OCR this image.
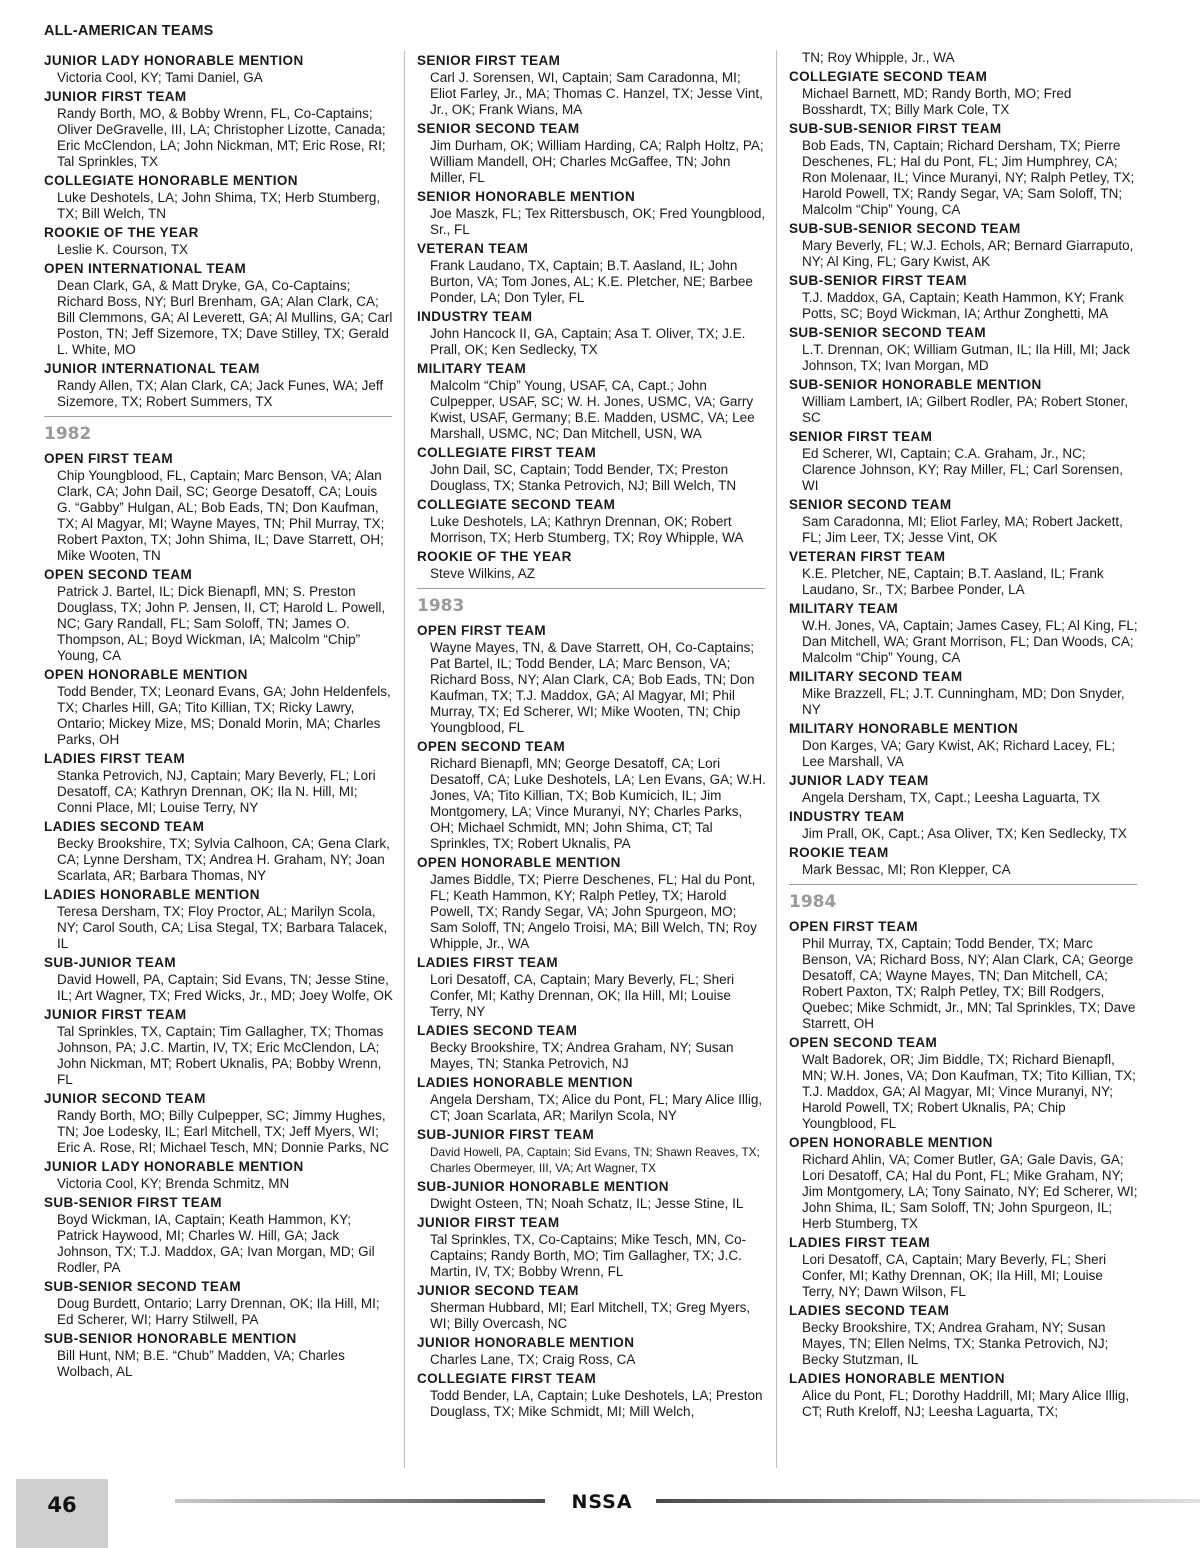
ALL-AMERICAN TEAMS
JUNIOR LADY HONORABLE MENTION
Victoria Cool, KY; Tami Daniel, GA
JUNIOR FIRST TEAM
Randy Borth, MO, & Bobby Wrenn, FL, Co-Captains; Oliver DeGravelle, III, LA; Christopher Lizotte, Canada; Eric McClendon, LA; John Nickman, MT; Eric Rose, RI; Tal Sprinkles, TX
COLLEGIATE HONORABLE MENTION
Luke Deshotels, LA; John Shima, TX; Herb Stumberg, TX; Bill Welch, TN
ROOKIE OF THE YEAR
Leslie K. Courson, TX
OPEN INTERNATIONAL TEAM
Dean Clark, GA, & Matt Dryke, GA, Co-Captains; Richard Boss, NY; Burl Brenham, GA; Alan Clark, CA; Bill Clemmons, GA; Al Leverett, GA; Al Mullins, GA; Carl Poston, TN; Jeff Sizemore, TX; Dave Stilley, TX; Gerald L. White, MO
JUNIOR INTERNATIONAL TEAM
Randy Allen, TX; Alan Clark, CA; Jack Funes, WA; Jeff Sizemore, TX; Robert Summers, TX
1982
OPEN FIRST TEAM
Chip Youngblood, FL, Captain; Marc Benson, VA; Alan Clark, CA; John Dail, SC; George Desatoff, CA; Louis G. “Gabby” Hulgan, AL; Bob Eads, TN; Don Kaufman, TX; Al Magyar, MI; Wayne Mayes, TN; Phil Murray, TX; Robert Paxton, TX; John Shima, IL; Dave Starrett, OH; Mike Wooten, TN
OPEN SECOND TEAM
Patrick J. Bartel, IL; Dick Bienapfl, MN; S. Preston Douglass, TX; John P. Jensen, II, CT; Harold L. Powell, NC; Gary Randall, FL; Sam Soloff, TN; James O. Thompson, AL; Boyd Wickman, IA; Malcolm “Chip” Young, CA
OPEN HONORABLE MENTION
Todd Bender, TX; Leonard Evans, GA; John Heldenfels, TX; Charles Hill, GA; Tito Killian, TX; Ricky Lawry, Ontario; Mickey Mize, MS; Donald Morin, MA; Charles Parks, OH
LADIES FIRST TEAM
Stanka Petrovich, NJ, Captain; Mary Beverly, FL; Lori Desatoff, CA; Kathryn Drennan, OK; Ila N. Hill, MI; Conni Place, MI; Louise Terry, NY
LADIES SECOND TEAM
Becky Brookshire, TX; Sylvia Calhoon, CA; Gena Clark, CA; Lynne Dersham, TX; Andrea H. Graham, NY; Joan Scarlata, AR; Barbara Thomas, NY
LADIES HONORABLE MENTION
Teresa Dersham, TX; Floy Proctor, AL; Marilyn Scola, NY; Carol South, CA; Lisa Stegal, TX; Barbara Talacek, IL
SUB-JUNIOR TEAM
David Howell, PA, Captain; Sid Evans, TN; Jesse Stine, IL; Art Wagner, TX; Fred Wicks, Jr., MD; Joey Wolfe, OK
JUNIOR FIRST TEAM
Tal Sprinkles, TX, Captain; Tim Gallagher, TX; Thomas Johnson, PA; J.C. Martin, IV, TX; Eric McClendon, LA; John Nickman, MT; Robert Uknalis, PA; Bobby Wrenn, FL
JUNIOR SECOND TEAM
Randy Borth, MO; Billy Culpepper, SC; Jimmy Hughes, TN; Joe Lodesky, IL; Earl Mitchell, TX; Jeff Myers, WI; Eric A. Rose, RI; Michael Tesch, MN; Donnie Parks, NC
JUNIOR LADY HONORABLE MENTION
Victoria Cool, KY; Brenda Schmitz, MN
SUB-SENIOR FIRST TEAM
Boyd Wickman, IA, Captain; Keath Hammon, KY; Patrick Haywood, MI; Charles W. Hill, GA; Jack Johnson, TX; T.J. Maddox, GA; Ivan Morgan, MD; Gil Rodler, PA
SUB-SENIOR SECOND TEAM
Doug Burdett, Ontario; Larry Drennan, OK; Ila Hill, MI; Ed Scherer, WI; Harry Stilwell, PA
SUB-SENIOR HONORABLE MENTION
Bill Hunt, NM; B.E. “Chub” Madden, VA; Charles Wolbach, AL
SENIOR FIRST TEAM
Carl J. Sorensen, WI, Captain; Sam Caradonna, MI; Eliot Farley, Jr., MA; Thomas C. Hanzel, TX; Jesse Vint, Jr., OK; Frank Wians, MA
SENIOR SECOND TEAM
Jim Durham, OK; William Harding, CA; Ralph Holtz, PA; William Mandell, OH; Charles McGaffee, TN; John Miller, FL
SENIOR HONORABLE MENTION
Joe Maszk, FL; Tex Rittersbusch, OK; Fred Youngblood, Sr., FL
VETERAN TEAM
Frank Laudano, TX, Captain; B.T. Aasland, IL; John Burton, VA; Tom Jones, AL; K.E. Pletcher, NE; Barbee Ponder, LA; Don Tyler, FL
INDUSTRY TEAM
John Hancock II, GA, Captain; Asa T. Oliver, TX; J.E. Prall, OK; Ken Sedlecky, TX
MILITARY TEAM
Malcolm “Chip” Young, USAF, CA, Capt.; John Culpepper, USAF, SC; W. H. Jones, USMC, VA; Garry Kwist, USAF, Germany; B.E. Madden, USMC, VA; Lee Marshall, USMC, NC; Dan Mitchell, USN, WA
COLLEGIATE FIRST TEAM
John Dail, SC, Captain; Todd Bender, TX; Preston Douglass, TX; Stanka Petrovich, NJ; Bill Welch, TN
COLLEGIATE SECOND TEAM
Luke Deshotels, LA; Kathryn Drennan, OK; Robert Morrison, TX; Herb Stumberg, TX; Roy Whipple, WA
ROOKIE OF THE YEAR
Steve Wilkins, AZ
1983
OPEN FIRST TEAM
Wayne Mayes, TN, & Dave Starrett, OH, Co-Captains; Pat Bartel, IL; Todd Bender, LA; Marc Benson, VA; Richard Boss, NY; Alan Clark, CA; Bob Eads, TN; Don Kaufman, TX; T.J. Maddox, GA; Al Magyar, MI; Phil Murray, TX; Ed Scherer, WI; Mike Wooten, TN; Chip Youngblood, FL
OPEN SECOND TEAM
Richard Bienapfl, MN; George Desatoff, CA; Lori Desatoff, CA; Luke Deshotels, LA; Len Evans, GA; W.H. Jones, VA; Tito Killian, TX; Bob Kumicich, IL; Jim Montgomery, LA; Vince Muranyi, NY; Charles Parks, OH; Michael Schmidt, MN; John Shima, CT; Tal Sprinkles, TX; Robert Uknalis, PA
OPEN HONORABLE MENTION
James Biddle, TX; Pierre Deschenes, FL; Hal du Pont, FL; Keath Hammon, KY; Ralph Petley, TX; Harold Powell, TX; Randy Segar, VA; John Spurgeon, MO; Sam Soloff, TN; Angelo Troisi, MA; Bill Welch, TN; Roy Whipple, Jr., WA
LADIES FIRST TEAM
Lori Desatoff, CA, Captain; Mary Beverly, FL; Sheri Confer, MI; Kathy Drennan, OK; Ila Hill, MI; Louise Terry, NY
LADIES SECOND TEAM
Becky Brookshire, TX; Andrea Graham, NY; Susan Mayes, TN; Stanka Petrovich, NJ
LADIES HONORABLE MENTION
Angela Dersham, TX; Alice du Pont, FL; Mary Alice Illig, CT; Joan Scarlata, AR; Marilyn Scola, NY
SUB-JUNIOR FIRST TEAM
David Howell, PA, Captain; Sid Evans, TN; Shawn Reaves, TX; Charles Obermeyer, III, VA; Art Wagner, TX
SUB-JUNIOR HONORABLE MENTION
Dwight Osteen, TN; Noah Schatz, IL; Jesse Stine, IL
JUNIOR FIRST TEAM
Tal Sprinkles, TX, Co-Captains; Mike Tesch, MN, Co-Captains; Randy Borth, MO; Tim Gallagher, TX; J.C. Martin, IV, TX; Bobby Wrenn, FL
JUNIOR SECOND TEAM
Sherman Hubbard, MI; Earl Mitchell, TX; Greg Myers, WI; Billy Overcash, NC
JUNIOR HONORABLE MENTION
Charles Lane, TX; Craig Ross, CA
COLLEGIATE FIRST TEAM
Todd Bender, LA, Captain; Luke Deshotels, LA; Preston Douglass, TX; Mike Schmidt, MI; Mill Welch,
TN; Roy Whipple, Jr., WA
COLLEGIATE SECOND TEAM
Michael Barnett, MD; Randy Borth, MO; Fred Bosshardt, TX; Billy Mark Cole, TX
SUB-SUB-SENIOR FIRST TEAM
Bob Eads, TN, Captain; Richard Dersham, TX; Pierre Deschenes, FL; Hal du Pont, FL; Jim Humphrey, CA; Ron Molenaar, IL; Vince Muranyi, NY; Ralph Petley, TX; Harold Powell, TX; Randy Segar, VA; Sam Soloff, TN; Malcolm “Chip” Young, CA
SUB-SUB-SENIOR SECOND TEAM
Mary Beverly, FL; W.J. Echols, AR; Bernard Giarraputo, NY; Al King, FL; Gary Kwist, AK
SUB-SENIOR FIRST TEAM
T.J. Maddox, GA, Captain; Keath Hammon, KY; Frank Potts, SC; Boyd Wickman, IA; Arthur Zonghetti, MA
SUB-SENIOR SECOND TEAM
L.T. Drennan, OK; William Gutman, IL; Ila Hill, MI; Jack Johnson, TX; Ivan Morgan, MD
SUB-SENIOR HONORABLE MENTION
William Lambert, IA; Gilbert Rodler, PA; Robert Stoner, SC
SENIOR FIRST TEAM
Ed Scherer, WI, Captain; C.A. Graham, Jr., NC; Clarence Johnson, KY; Ray Miller, FL; Carl Sorensen, WI
SENIOR SECOND TEAM
Sam Caradonna, MI; Eliot Farley, MA; Robert Jackett, FL; Jim Leer, TX; Jesse Vint, OK
VETERAN FIRST TEAM
K.E. Pletcher, NE, Captain; B.T. Aasland, IL; Frank Laudano, Sr., TX; Barbee Ponder, LA
MILITARY TEAM
W.H. Jones, VA, Captain; James Casey, FL; Al King, FL; Dan Mitchell, WA; Grant Morrison, FL; Dan Woods, CA; Malcolm “Chip” Young, CA
MILITARY SECOND TEAM
Mike Brazzell, FL; J.T. Cunningham, MD; Don Snyder, NY
MILITARY HONORABLE MENTION
Don Karges, VA; Gary Kwist, AK; Richard Lacey, FL; Lee Marshall, VA
JUNIOR LADY TEAM
Angela Dersham, TX, Capt.; Leesha Laguarta, TX
INDUSTRY TEAM
Jim Prall, OK, Capt.; Asa Oliver, TX; Ken Sedlecky, TX
ROOKIE TEAM
Mark Bessac, MI; Ron Klepper, CA
1984
OPEN FIRST TEAM
Phil Murray, TX, Captain; Todd Bender, TX; Marc Benson, VA; Richard Boss, NY; Alan Clark, CA; George Desatoff, CA; Wayne Mayes, TN; Dan Mitchell, CA; Robert Paxton, TX; Ralph Petley, TX; Bill Rodgers, Quebec; Mike Schmidt, Jr., MN; Tal Sprinkles, TX; Dave Starrett, OH
OPEN SECOND TEAM
Walt Badorek, OR; Jim Biddle, TX; Richard Bienapfl, MN; W.H. Jones, VA; Don Kaufman, TX; Tito Killian, TX; T.J. Maddox, GA; Al Magyar, MI; Vince Muranyi, NY; Harold Powell, TX; Robert Uknalis, PA; Chip Youngblood, FL
OPEN HONORABLE MENTION
Richard Ahlin, VA; Comer Butler, GA; Gale Davis, GA; Lori Desatoff, CA; Hal du Pont, FL; Mike Graham, NY; Jim Montgomery, LA; Tony Sainato, NY; Ed Scherer, WI; John Shima, IL; Sam Soloff, TN; John Spurgeon, IL; Herb Stumberg, TX
LADIES FIRST TEAM
Lori Desatoff, CA, Captain; Mary Beverly, FL; Sheri Confer, MI; Kathy Drennan, OK; Ila Hill, MI; Louise Terry, NY; Dawn Wilson, FL
LADIES SECOND TEAM
Becky Brookshire, TX; Andrea Graham, NY; Susan Mayes, TN; Ellen Nelms, TX; Stanka Petrovich, NJ; Becky Stutzman, IL
LADIES HONORABLE MENTION
Alice du Pont, FL; Dorothy Haddrill, MI; Mary Alice Illig, CT; Ruth Kreloff, NJ; Leesha Laguarta, TX;
46	NSSA
